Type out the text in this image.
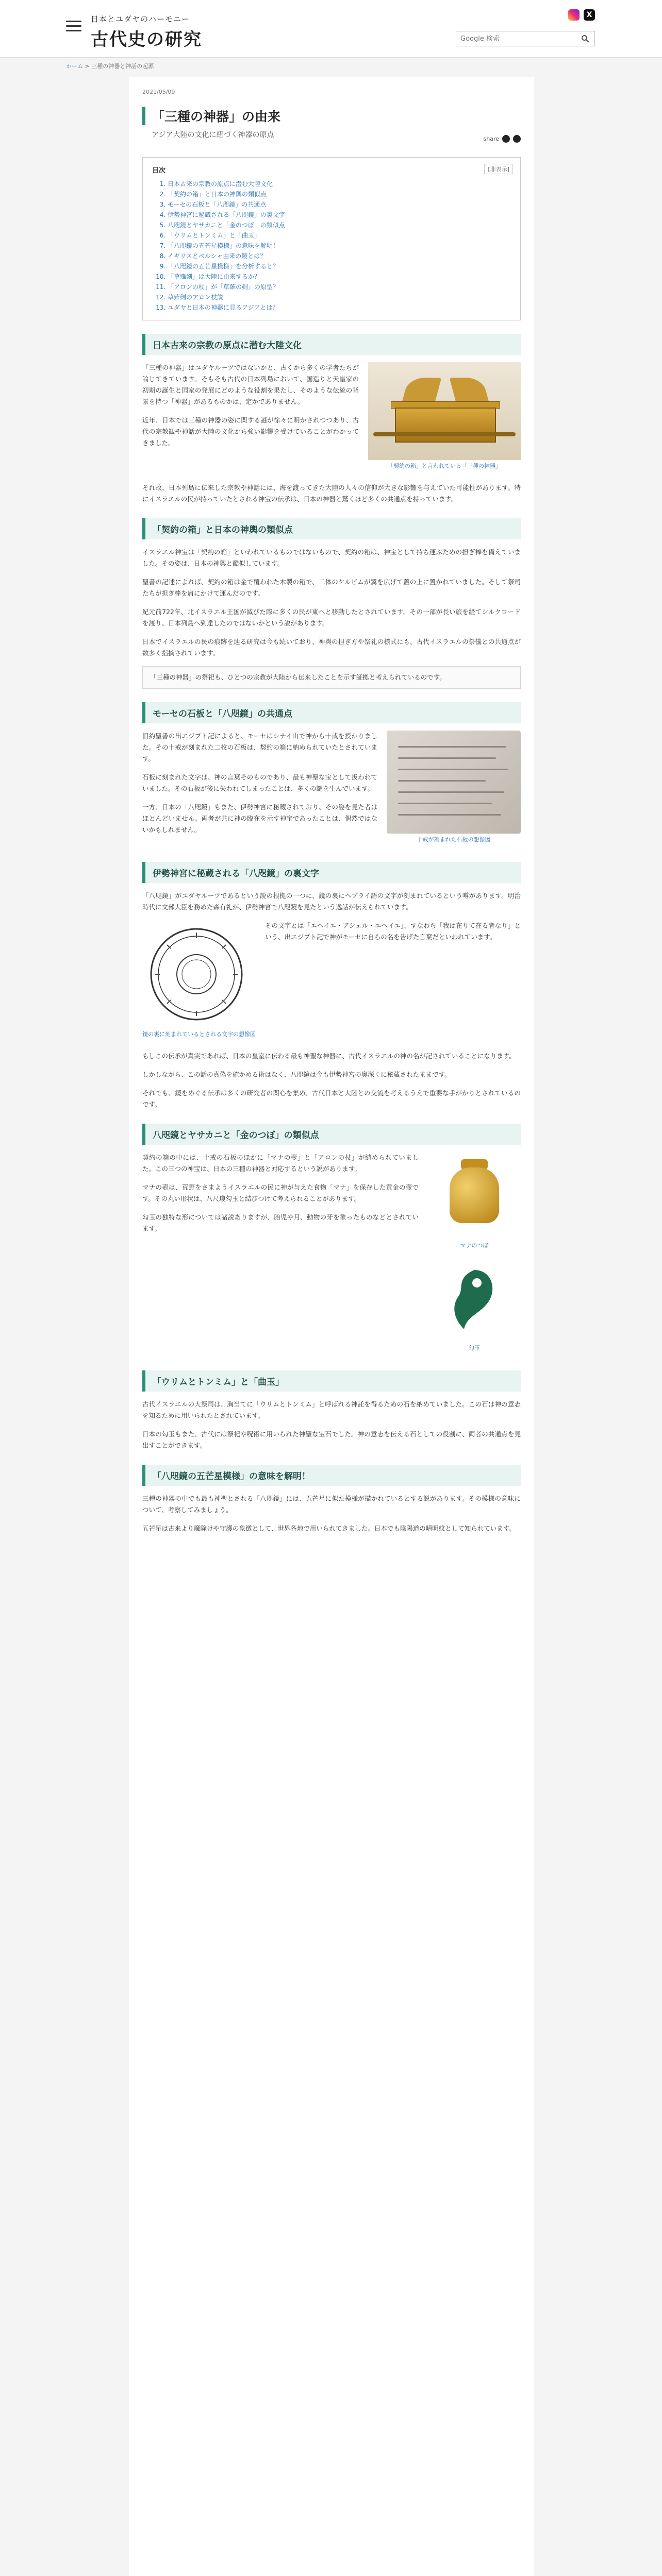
日本とユダヤのハーモニー
古代史の研究
X
Google 検索
ホーム > 三種の神器と神話の起源
2021/05/09
「三種の神器」の由来
アジア大陸の文化に紐づく神器の原点	share
目次	[非表示]
1. 日本古来の宗教の原点に潜む大陸文化
2. 「契約の箱」と日本の神輿の類似点
3. モーセの石板と「八咫鏡」の共通点
4. 伊勢神宮に秘蔵される「八咫鏡」の裏文字
5. 八咫鏡とヤサカニと「金のつぼ」の類似点
6. 「ウリムとトンミム」と「曲玉」
7. 「八咫鏡の五芒星模様」の意味を解明！
8. イギリスとペルシャ由来の鏡とは？
9. 「八咫鏡の五芒星模様」を分析すると？
10. 「草薙剣」は大陸に由来するか？
11. 「アロンの杖」が「草薙の剣」の原型？
12. 草薙剣のアロン杖説
13. ユダヤと日本の神器に見るアジアとは？
日本古来の宗教の原点に潜む大陸文化
「契約の箱」と言われている「三種の神器」

「三種の神器」はユダヤルーツではないかと、古くから多くの学者たちが論じてきています。そもそも古代の日本列島において、国造りと天皇家の初期の誕生と国家の発展にどのような役割を果たし、そのような伝統の背景を持つ「神器」があるものかは、定かでありません。

近年、日本では三種の神器の姿に関する謎が徐々に明かされつつあり、古代の宗教観や神話が大陸の文化から強い影響を受けていることがわかってきました。

それ故、日本列島に伝来した宗教や神話には、海を渡ってきた大陸の人々の信仰が大きな影響を与えていた可能性があります。特にイスラエルの民が持っていたとされる神宝の伝承は、日本の神器と驚くほど多くの共通点を持っています。

「契約の箱」と日本の神輿の類似点

イスラエル神宝は「契約の箱」といわれているものではないもので、契約の箱は、神宝として持ち運ぶための担ぎ棒を備えていました。その姿は、日本の神輿と酷似しています。

聖書の記述によれば、契約の箱は金で覆われた木製の箱で、二体のケルビムが翼を広げて蓋の上に置かれていました。そして祭司たちが担ぎ棒を肩にかけて運んだのです。

紀元前722年、北イスラエル王国が滅びた際に多くの民が東へと移動したとされています。その一部が長い旅を経てシルクロードを渡り、日本列島へ到達したのではないかという説があります。

日本でイスラエルの民の痕跡を辿る研究は今も続いており、神輿の担ぎ方や祭礼の様式にも、古代イスラエルの祭儀との共通点が数多く指摘されています。

「三種の神器」の祭祀も、ひとつの宗教が大陸から伝来したことを示す証拠と考えられているのです。

モーセの石板と「八咫鏡」の共通点
十戒が刻まれた石板の想像図

旧約聖書の出エジプト記によると、モーセはシナイ山で神から十戒を授かりました。その十戒が刻まれた二枚の石板は、契約の箱に納められていたとされています。

石板に刻まれた文字は、神の言葉そのものであり、最も神聖な宝として扱われていました。その石板が後に失われてしまったことは、多くの謎を生んでいます。

一方、日本の「八咫鏡」もまた、伊勢神宮に秘蔵されており、その姿を見た者はほとんどいません。両者が共に神の臨在を示す神宝であったことは、偶然ではないかもしれません。

伊勢神宮に秘蔵される「八咫鏡」の裏文字

「八咫鏡」がユダヤルーツであるという説の根拠の一つに、鏡の裏にヘブライ語の文字が刻まれているという噂があります。明治時代に文部大臣を務めた森有礼が、伊勢神宮で八咫鏡を見たという逸話が伝えられています。

鏡の裏に刻まれているとされる文字の想像図

その文字とは「エヘイエ・アシェル・エヘイエ」、すなわち「我は在りて在る者なり」という、出エジプト記で神がモーセに自らの名を告げた言葉だといわれています。

もしこの伝承が真実であれば、日本の皇室に伝わる最も神聖な神器に、古代イスラエルの神の名が記されていることになります。

しかしながら、この話の真偽を確かめる術はなく、八咫鏡は今も伊勢神宮の奥深くに秘蔵されたままです。

それでも、鏡をめぐる伝承は多くの研究者の関心を集め、古代日本と大陸との交流を考えるうえで重要な手がかりとされているのです。

八咫鏡とヤサカニと「金のつぼ」の類似点
マナのつぼ
勾玉

契約の箱の中には、十戒の石板のほかに「マナの壺」と「アロンの杖」が納められていました。この三つの神宝は、日本の三種の神器と対応するという説があります。

マナの壺は、荒野をさまようイスラエルの民に神が与えた食物「マナ」を保存した黄金の壺です。その丸い形状は、八尺瓊勾玉と結びつけて考えられることがあります。

勾玉の独特な形については諸説ありますが、胎児や月、動物の牙を象ったものなどとされています。

「ウリムとトンミム」と「曲玉」

古代イスラエルの大祭司は、胸当てに「ウリムとトンミム」と呼ばれる神託を得るための石を納めていました。この石は神の意志を知るために用いられたとされています。

日本の勾玉もまた、古代には祭祀や呪術に用いられた神聖な宝石でした。神の意志を伝える石としての役割に、両者の共通点を見出すことができます。

「八咫鏡の五芒星模様」の意味を解明！

三種の神器の中でも最も神聖とされる「八咫鏡」には、五芒星に似た模様が描かれているとする説があります。その模様の意味について、考察してみましょう。

五芒星は古来より魔除けや守護の象徴として、世界各地で用いられてきました。日本でも陰陽道の晴明紋として知られています。
